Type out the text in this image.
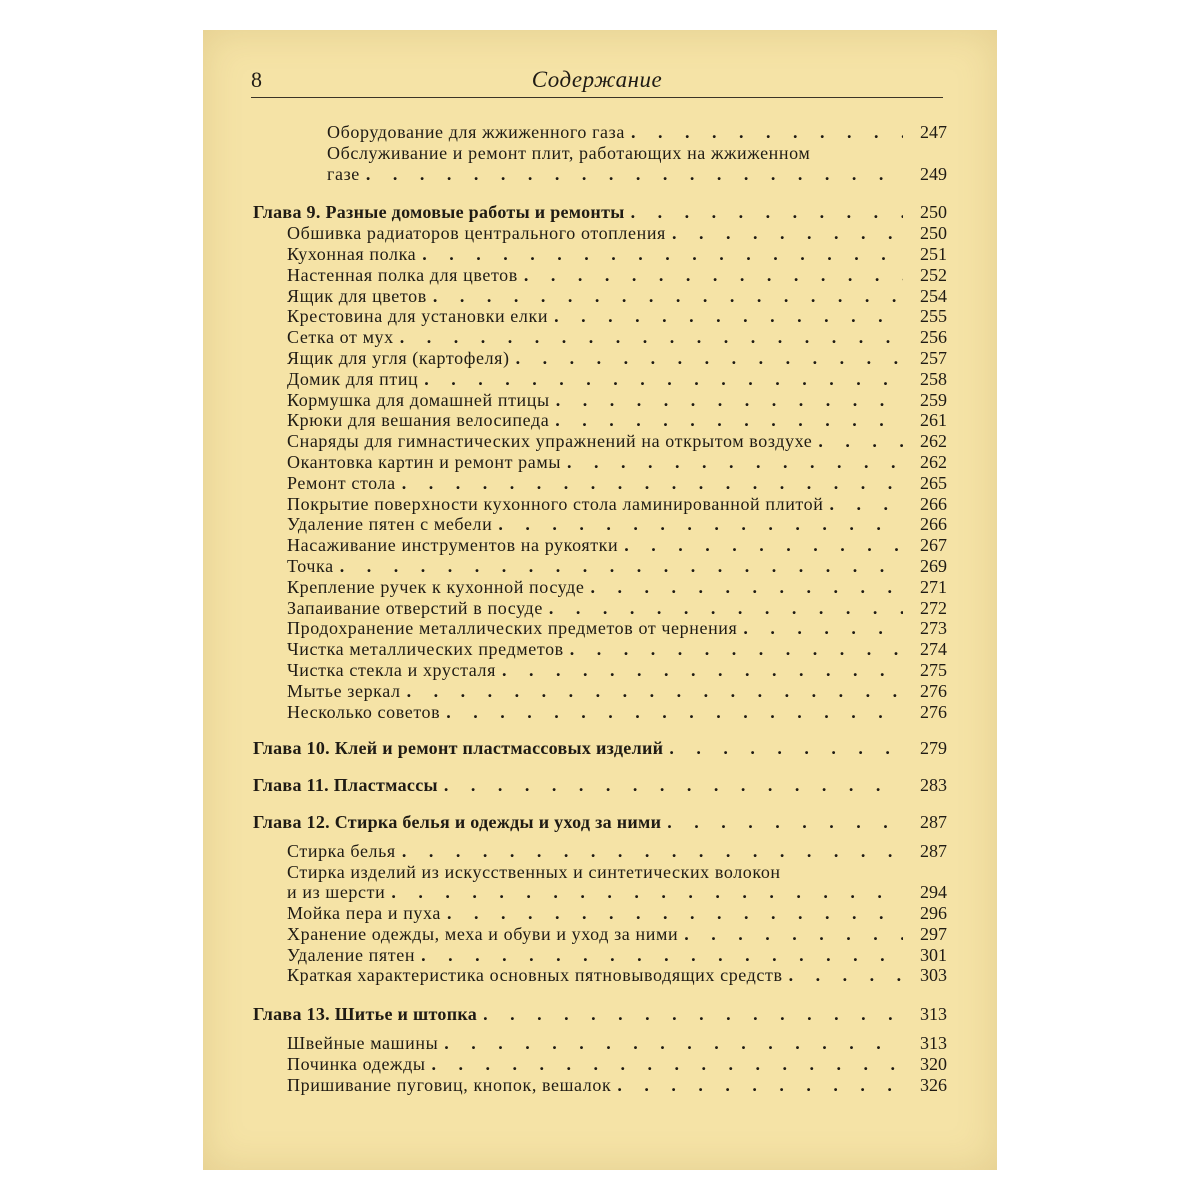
8	Содержание
Оборудование для жжиженного газа . . .	247
Обслуживание и ремонт плит, работающих на жжиженном
газе . . .	249
Глава 9. Разные домовые работы и ремонты . . .	250
Обшивка радиаторов центрального отопления . . .	250
Кухонная полка . . .	251
Настенная полка для цветов . . .	252
Ящик для цветов . . .	254
Крестовина для установки елки . . .	255
Сетка от мух . . .	256
Ящик для угля (картофеля) . . .	257
Домик для птиц . . .	258
Кормушка для домашней птицы . . .	259
Крюки для вешания велосипеда . . .	261
Снаряды для гимнастических упражнений на открытом воздухе . . .	262
Окантовка картин и ремонт рамы . . .	262
Ремонт стола . . .	265
Покрытие поверхности кухонного стола ламинированной плитой . . .	266
Удаление пятен с мебели . . .	266
Насаживание инструментов на рукоятки . . .	267
Точка . . .	269
Крепление ручек к кухонной посуде . . .	271
Запаивание отверстий в посуде . . .	272
Продохранение металлических предметов от чернения . . .	273
Чистка металлических предметов . . .	274
Чистка стекла и хрусталя . . .	275
Мытье зеркал . . .	276
Несколько советов . . .	276
Глава 10. Клей и ремонт пластмассовых изделий . . .	279
Глава 11. Пластмассы . . .	283
Глава 12. Стирка белья и одежды и уход за ними . . .	287
Стирка белья . . .	287
Стирка изделий из искусственных и синтетических волокон
и из шерсти . . .	294
Мойка пера и пуха . . .	296
Хранение одежды, меха и обуви и уход за ними . . .	297
Удаление пятен . . .	301
Краткая характеристика основных пятновыводящих средств . . .	303
Глава 13. Шитье и штопка . . .	313
Швейные машины . . .	313
Починка одежды . . .	320
Пришивание пуговиц, кнопок, вешалок . . .	326
